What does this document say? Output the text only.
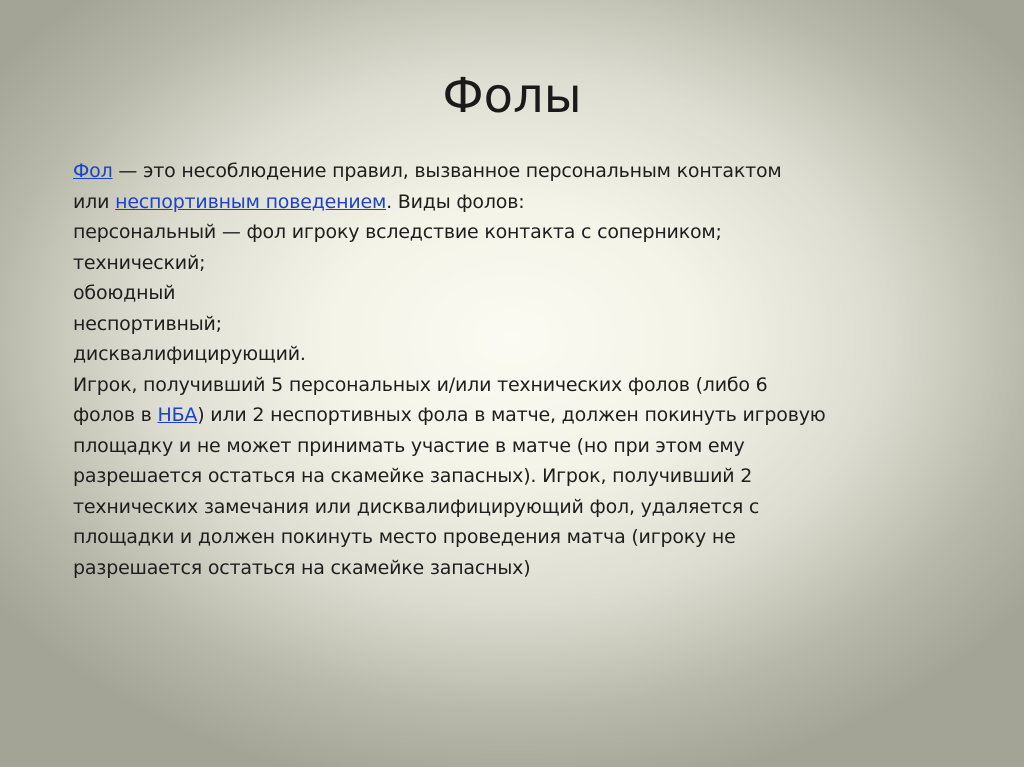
Фолы
Фол — это несоблюдение правил, вызванное персональным контактом
или неспортивным поведением. Виды фолов:
персональный — фол игроку вследствие контакта с соперником;
технический;
обоюдный
неспортивный;
дисквалифицирующий.
Игрок, получивший 5 персональных и/или технических фолов (либо 6
фолов в НБА) или 2 неспортивных фола в матче, должен покинуть игровую
площадку и не может принимать участие в матче (но при этом ему
разрешается остаться на скамейке запасных). Игрок, получивший 2
технических замечания или дисквалифицирующий фол, удаляется с
площадки и должен покинуть место проведения матча (игроку не
разрешается остаться на скамейке запасных)
